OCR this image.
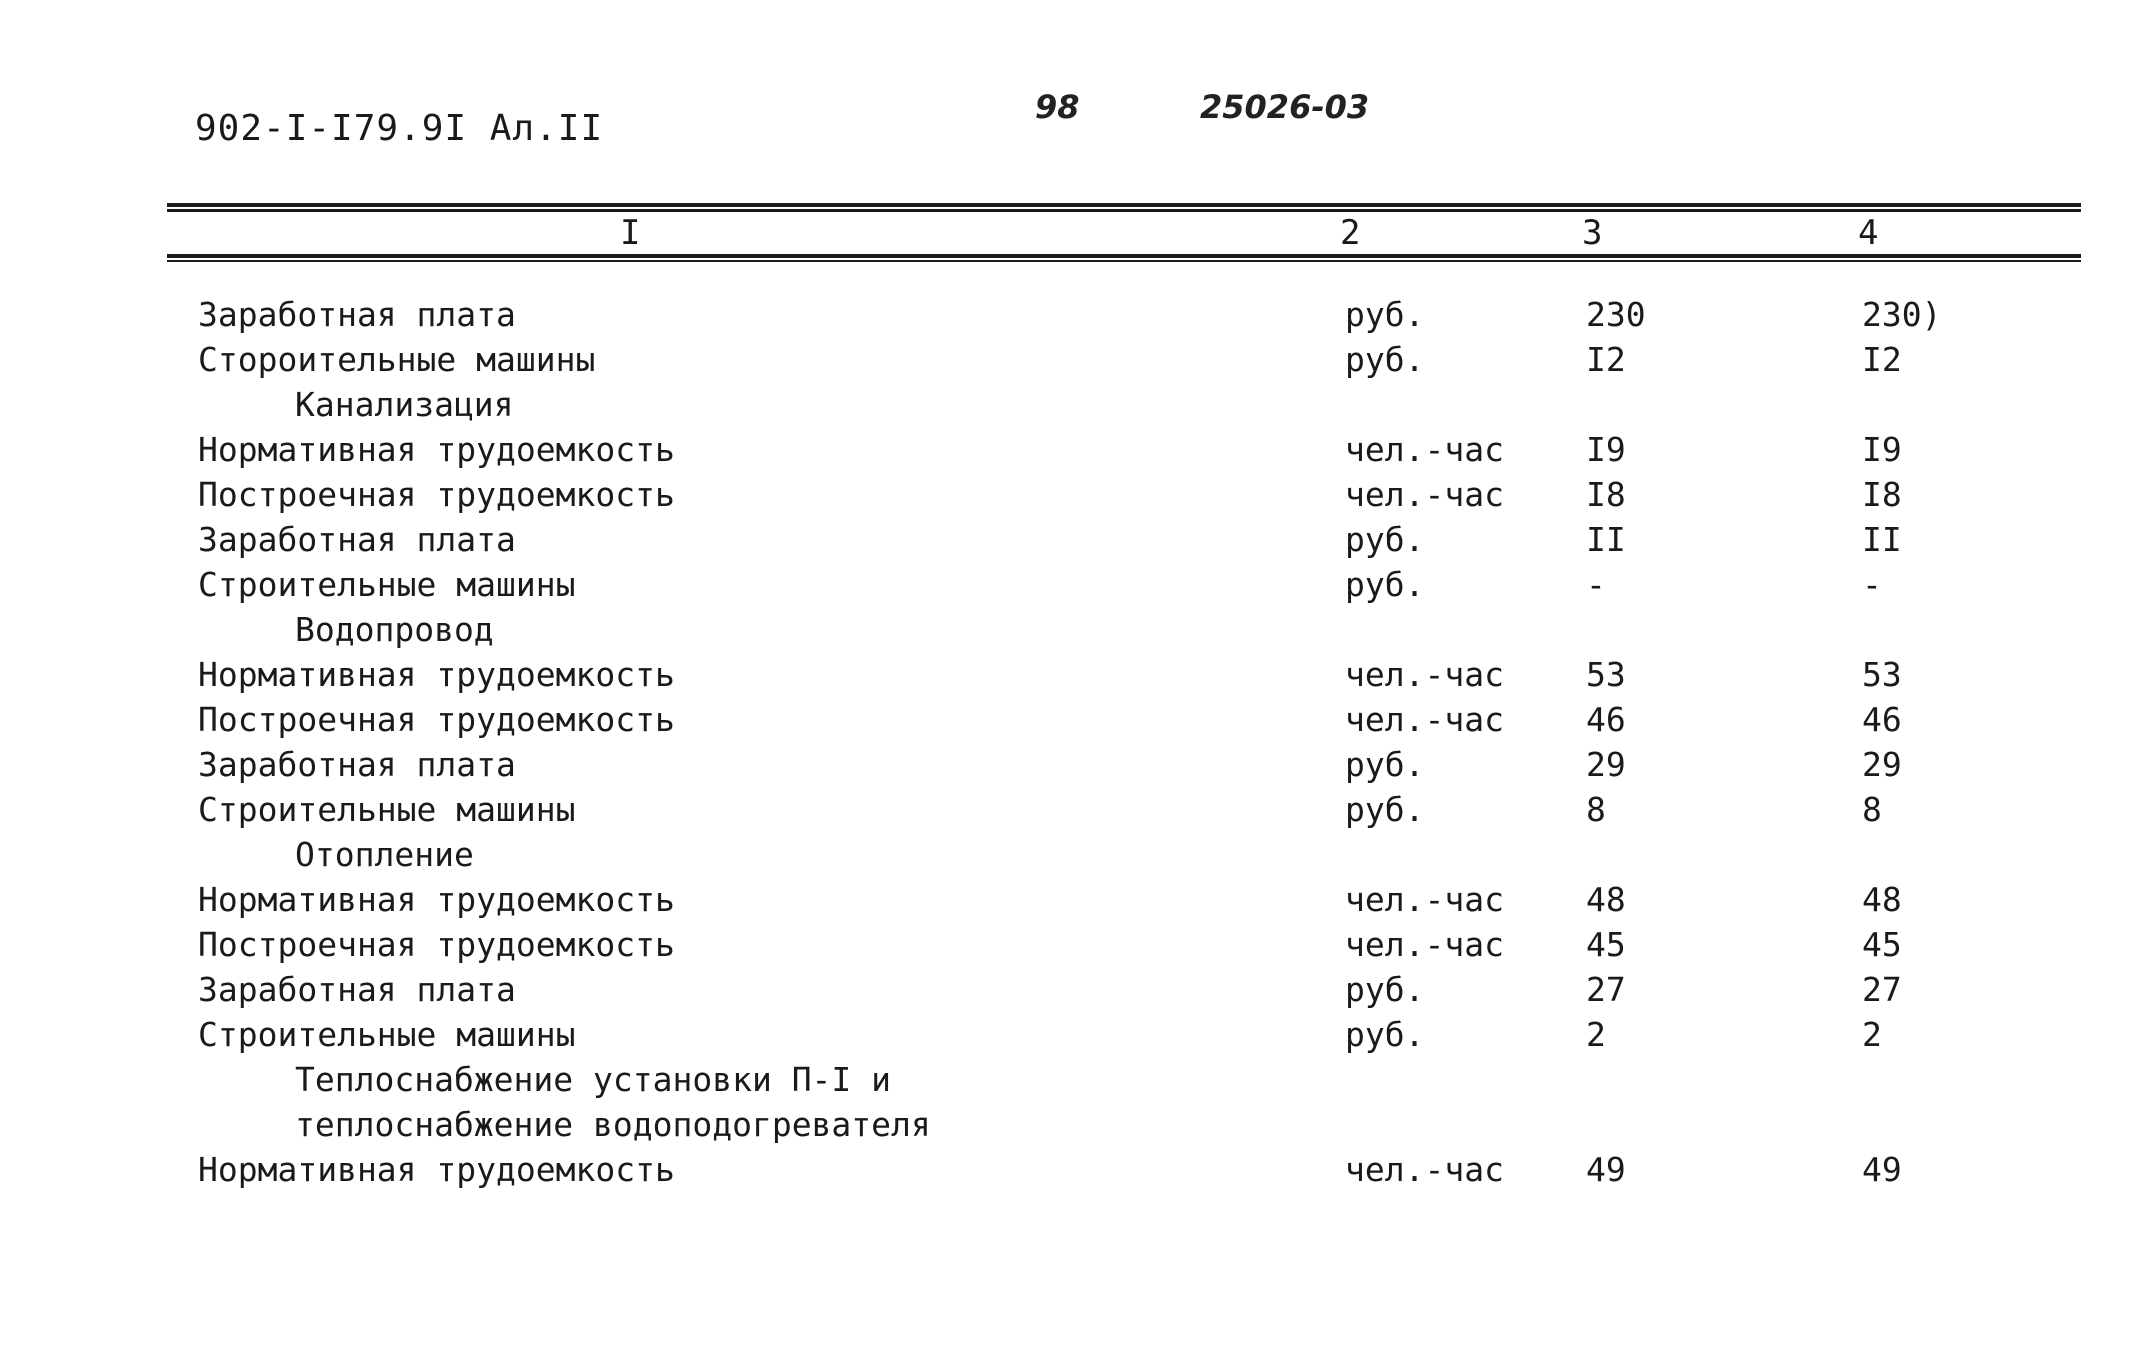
902-I-I79.9I Ал.II
98	25026-03
I	2	3	4
Заработная плата	руб.	230	230)
Сторoительные машины	руб.	I2	I2
Канализация
Нормативная трудоемкость	чел.-час I9	I9
Построечная трудоемкость	чел.-час I8	I8
Заработная плата	руб.	II	II
Строительные машины	руб.	-	-
Водопровод
Нормативная трудоемкость	чел.-час 53	53
Построечная трудоемкость	чел.-час 46	46
Заработная плата	руб.	29	29
Строительные машины	руб.	8	8
Отопление
Нормативная трудоемкость	чел.-час 48	48
Построечная трудоемкость	чел.-час 45	45
Заработная плата	руб.	27	27
Строительные машины	руб.	2	2
Теплоснабжение установки П-I и
теплоснабжение водоподогревателя
Нормативная трудоемкость	чел.-час 49	49
